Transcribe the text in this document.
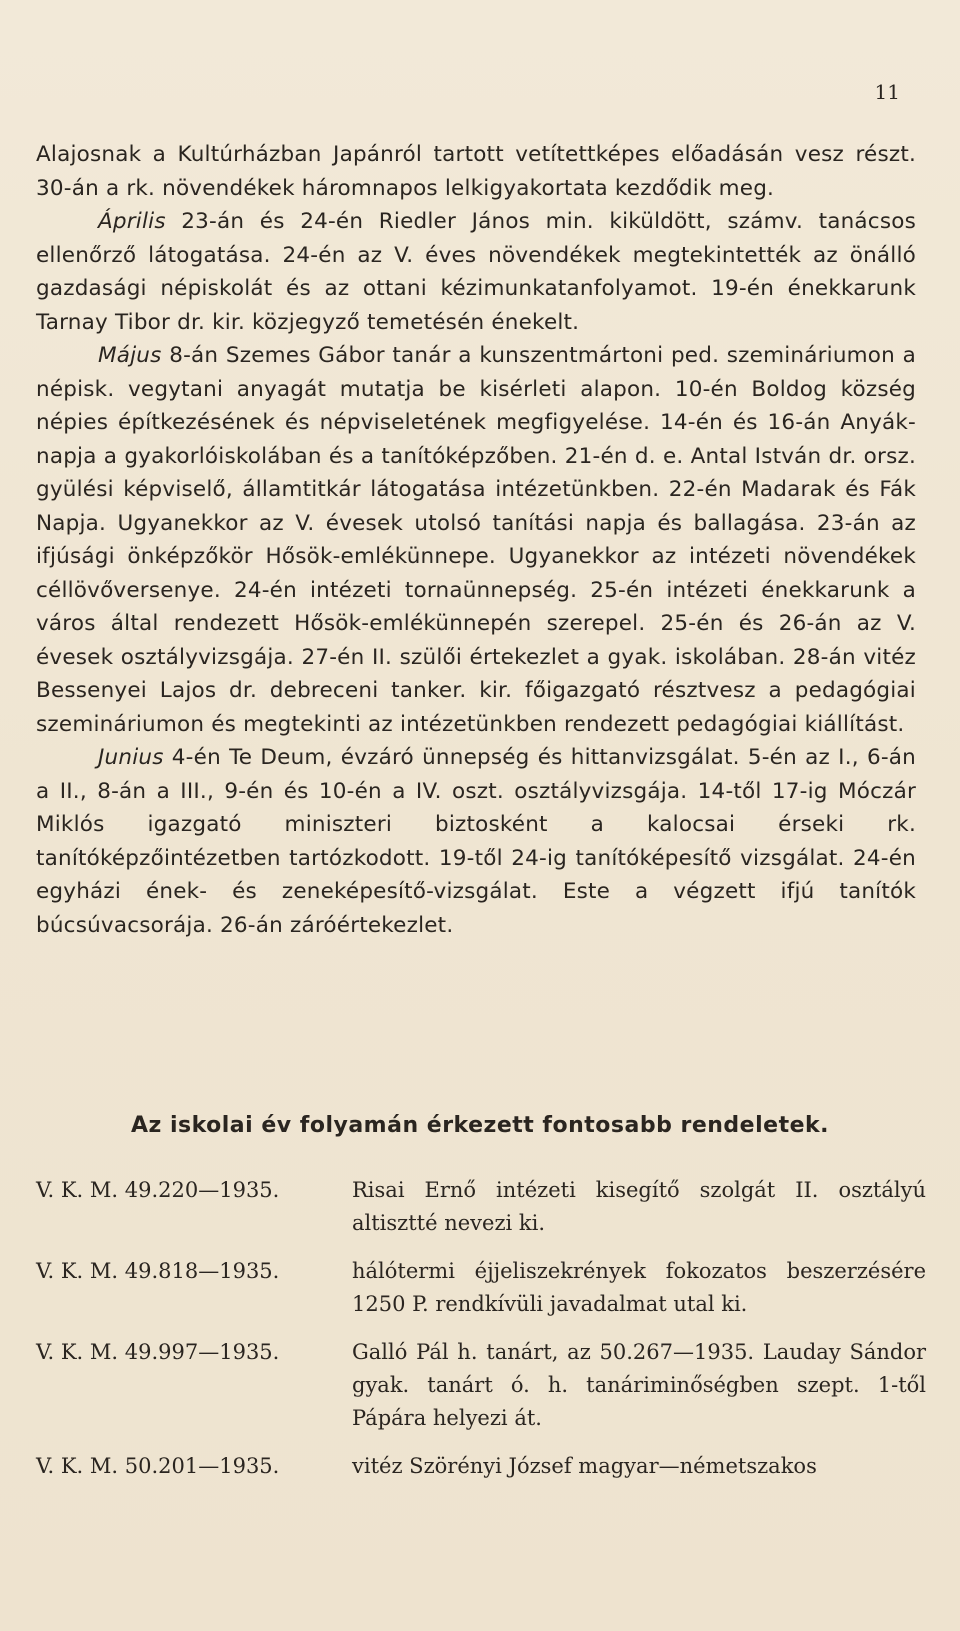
11

Alajosnak a Kultúrházban Japánról tartott vetítettképes előadásán vesz részt. 30-án a rk. növendékek háromnapos lelkigyakortata kezdődik meg.

Április 23-án és 24-én Riedler János min. kiküldött, számv. tanácsos ellenőrző látogatása. 24-én az V. éves növendékek megtekintették az önálló gazdasági népiskolát és az ottani kézimunkatanfolyamot. 19-én énekkarunk Tarnay Tibor dr. kir. közjegyző temetésén énekelt.

Május 8-án Szemes Gábor tanár a kunszentmártoni ped. szemináriumon a népisk. vegytani anyagát mutatja be kisérleti alapon. 10-én Boldog község népies építkezésének és népviseletének megfigyelése. 14-én és 16-án Anyák-napja a gyakorlóiskolában és a tanítóképzőben. 21-én d. e. Antal István dr. orsz. gyülési képviselő, államtitkár látogatása intézetünkben. 22-én Madarak és Fák Napja. Ugyanekkor az V. évesek utolsó tanítási napja és ballagása. 23-án az ifjúsági önképzőkör Hősök-emlékünnepe. Ugyanekkor az intézeti növendékek céllövőversenye. 24-én intézeti tornaünnepség. 25-én intézeti énekkarunk a város által rendezett Hősök-emlékünnepén szerepel. 25-én és 26-án az V. évesek osztályvizsgája. 27-én II. szülői értekezlet a gyak. iskolában. 28-án vitéz Bessenyei Lajos dr. debreceni tanker. kir. főigazgató résztvesz a pedagógiai szemináriumon és megtekinti az intézetünkben rendezett pedagógiai kiállítást.

Junius 4-én Te Deum, évzáró ünnepség és hittanvizsgálat. 5-én az I., 6-án a II., 8-án a III., 9-én és 10-én a IV. oszt. osztályvizsgája. 14-től 17-ig Móczár Miklós igazgató miniszteri biztosként a kalocsai érseki rk. tanítóképzőintézetben tartózkodott. 19-től 24-ig tanítóképesítő vizsgálat. 24-én egyházi ének- és zeneképesítő-vizsgálat. Este a végzett ifjú tanítók búcsúvacsorája. 26-án záróértekezlet.

Az iskolai év folyamán érkezett fontosabb rendeletek.
V. K. M. 49.220—1935.	Risai Ernő intézeti kisegítő szolgát II. osztályú altisztté nevezi ki.
V. K. M. 49.818—1935.	hálótermi éjjeliszekrények fokozatos beszerzésére 1250 P. rendkívüli javadalmat utal ki.
V. K. M. 49.997—1935.	Galló Pál h. tanárt, az 50.267—1935. Lauday Sándor gyak. tanárt ó. h. tanáriminőségben szept. 1-től Pápára helyezi át.
V. K. M. 50.201—1935.	vitéz Szörényi József magyar—németszakos
